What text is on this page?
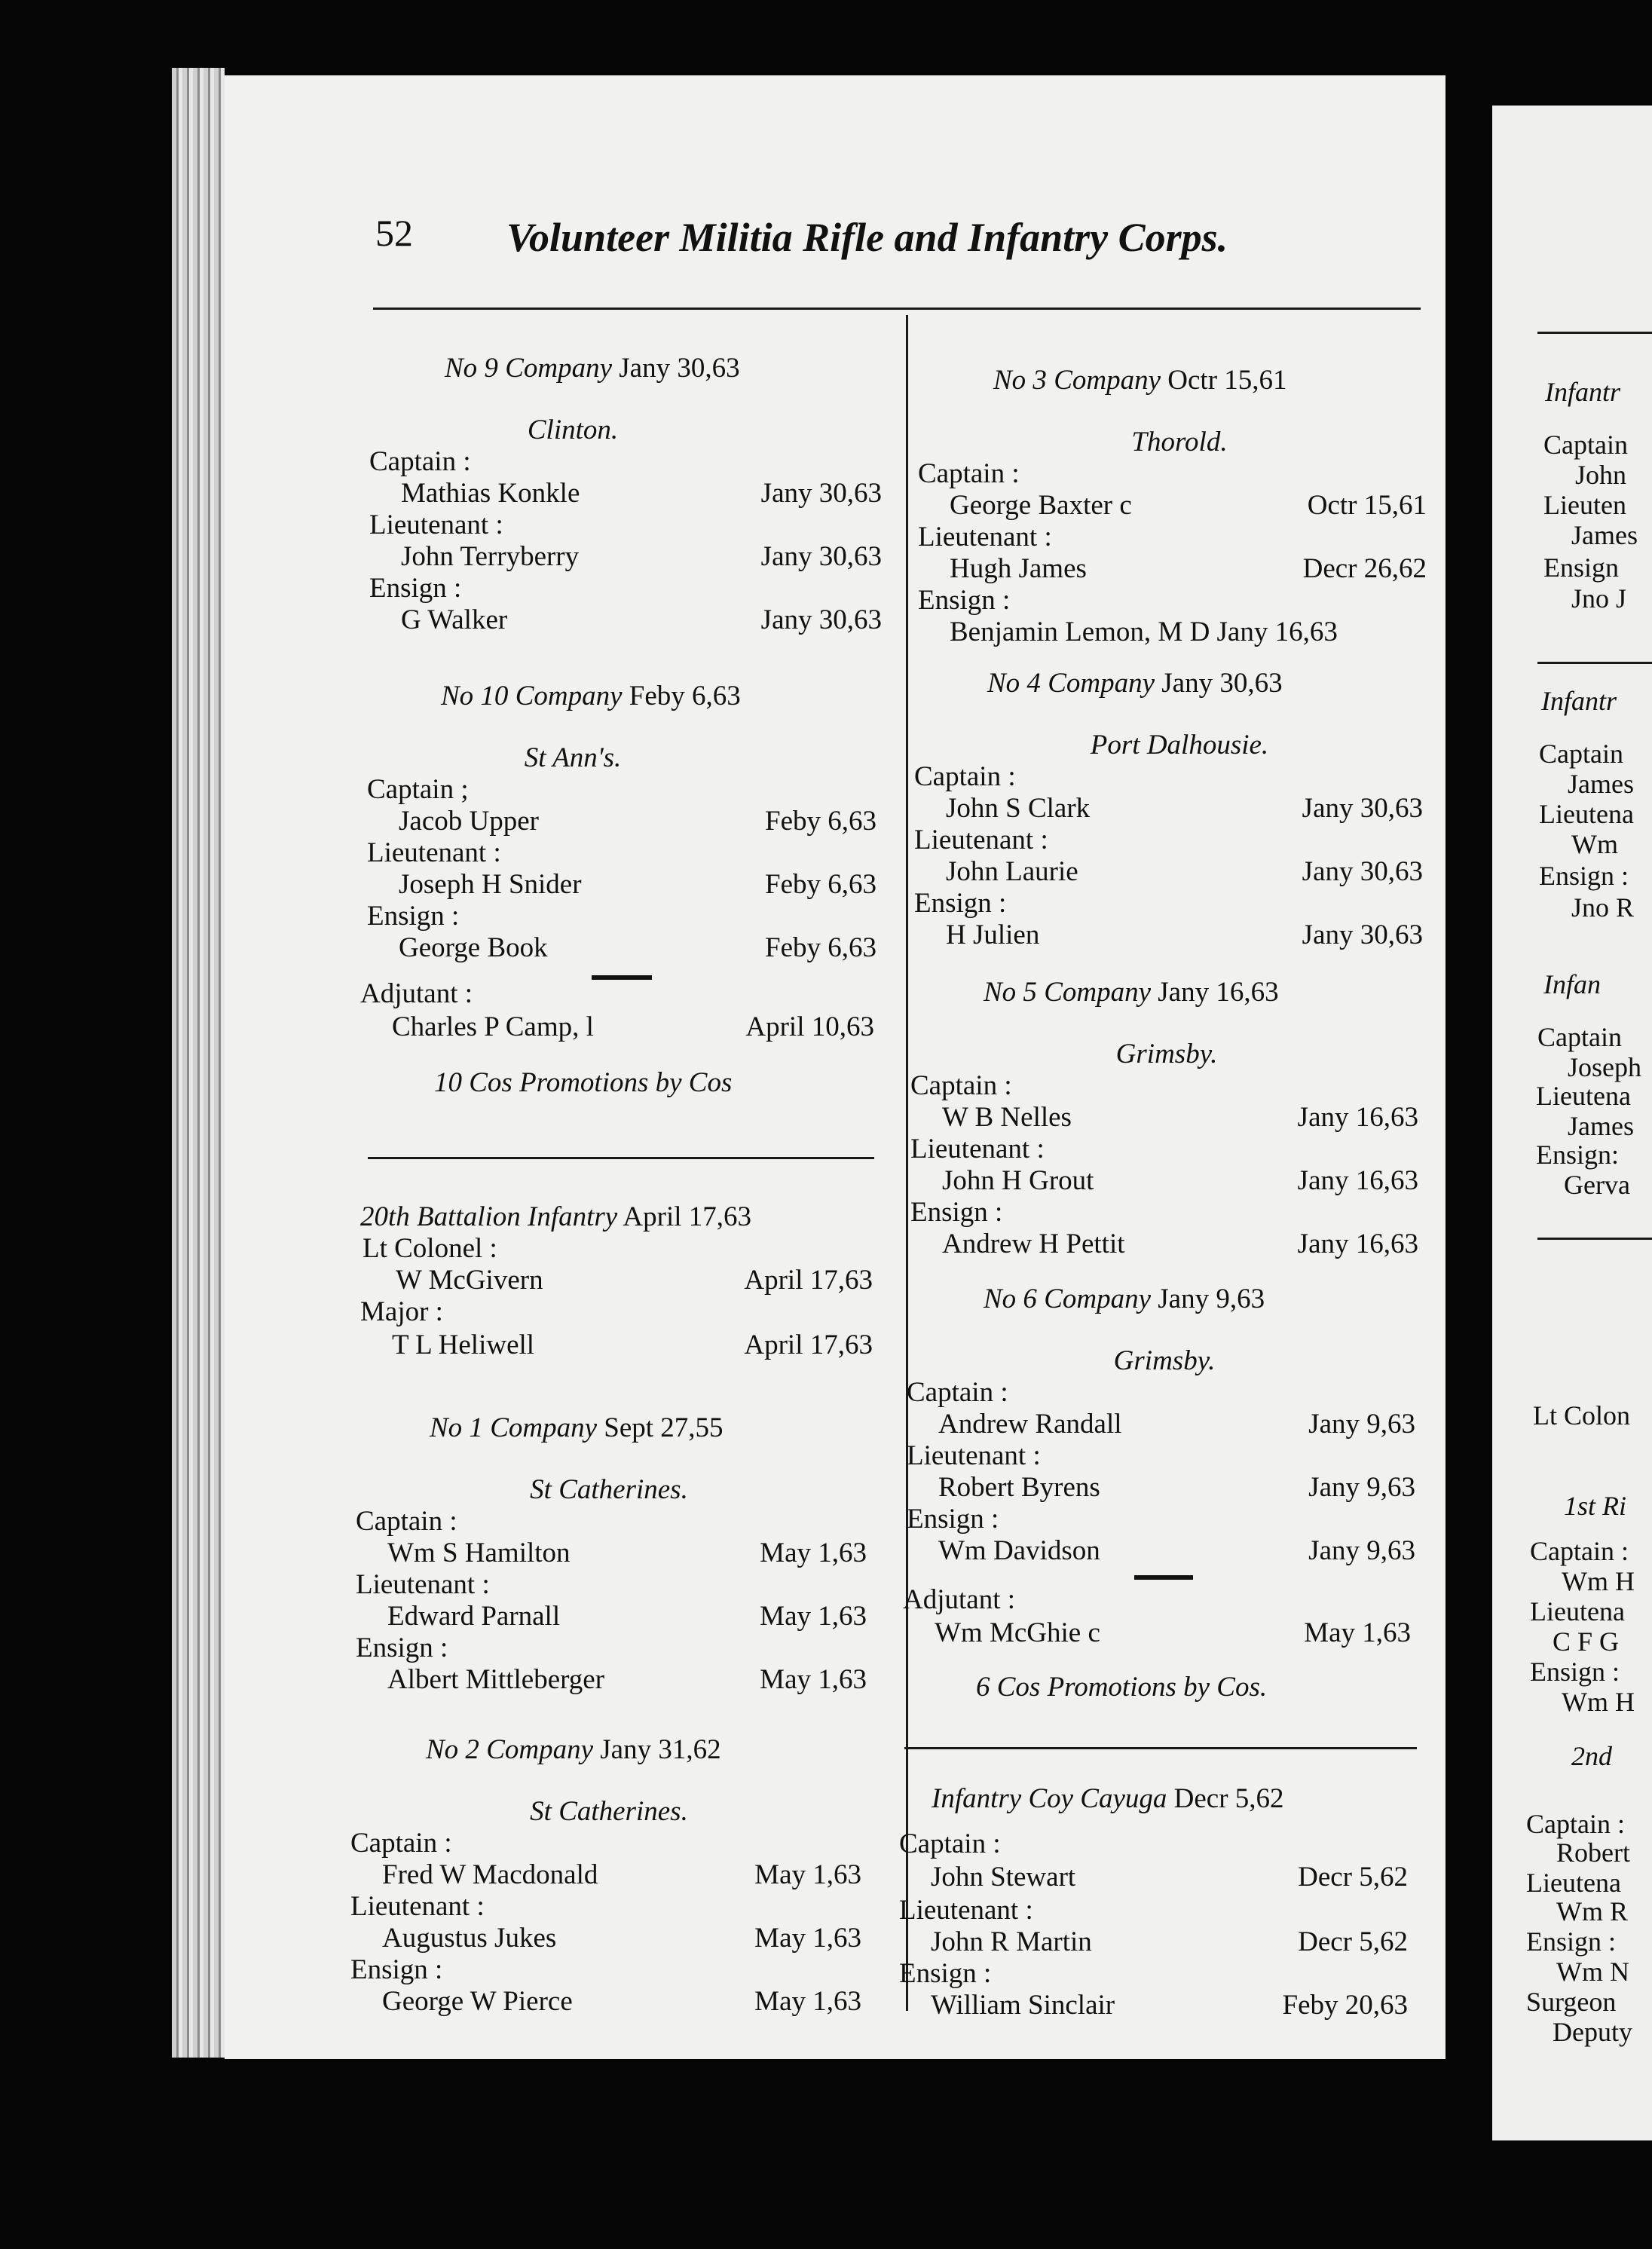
52 Volunteer Militia Rifle and Infantry Corps.
No 9 Company Jany 30,63
Clinton.
Captain :
Mathias Konkle	Jany 30,63
Lieutenant :
John Terryberry	Jany 30,63
Ensign :
G Walker	Jany 30,63
No 10 Company Feby 6,63
St Ann's.
Captain ;
Jacob Upper	Feby 6,63
Lieutenant :
Joseph H Snider	Feby 6,63
Ensign :
George Book	Feby 6,63
Adjutant :
Charles P Camp, l	April 10,63
10 Cos Promotions by Cos
20th Battalion Infantry April 17,63
Lt Colonel :
W McGivern	April 17,63
Major :
T L Heliwell	April 17,63
No 1 Company Sept 27,55
St Catherines.
Captain :
Wm S Hamilton	May 1,63
Lieutenant :
Edward Parnall	May 1,63
Ensign :
Albert Mittleberger	May 1,63
No 2 Company Jany 31,62
St Catherines.
Captain :
Fred W Macdonald	May 1,63
Lieutenant :
Augustus Jukes	May 1,63
Ensign :
George W Pierce	May 1,63
No 3 Company Octr 15,61
Thorold.
Captain :
George Baxter c	Octr 15,61
Lieutenant :
Hugh James	Decr 26,62
Ensign :
Benjamin Lemon, M D Jany 16,63
No 4 Company Jany 30,63
Port Dalhousie.
Captain :
John S Clark	Jany 30,63
Lieutenant :
John Laurie	Jany 30,63
Ensign :
H Julien	Jany 30,63
No 5 Company Jany 16,63
Grimsby.
Captain :
W B Nelles	Jany 16,63
Lieutenant :
John H Grout	Jany 16,63
Ensign :
Andrew H Pettit	Jany 16,63
No 6 Company Jany 9,63
Grimsby.
Captain :
Andrew Randall	Jany 9,63
Lieutenant :
Robert Byrens	Jany 9,63
Ensign :
Wm Davidson	Jany 9,63
Adjutant :
Wm McGhie c	May 1,63
6 Cos Promotions by Cos.
Infantry Coy Cayuga Decr 5,62
Captain :
John Stewart	Decr 5,62
Lieutenant :
John R Martin	Decr 5,62
Ensign :
William Sinclair	Feby 20,63
Infantr
Captain
John
Lieuten
James
Ensign
Jno J
Infantr
Captain
James
Lieutena
Wm
Ensign :
Jno R
Infan
Captain
Joseph
Lieutena
James
Ensign:
Gerva
Lt Colon
1st Ri
Captain :
Wm H
Lieutena
C F G
Ensign :
Wm H
2nd
Captain :
Robert
Lieutena
Wm R
Ensign :
Wm N
Surgeon
Deputy
